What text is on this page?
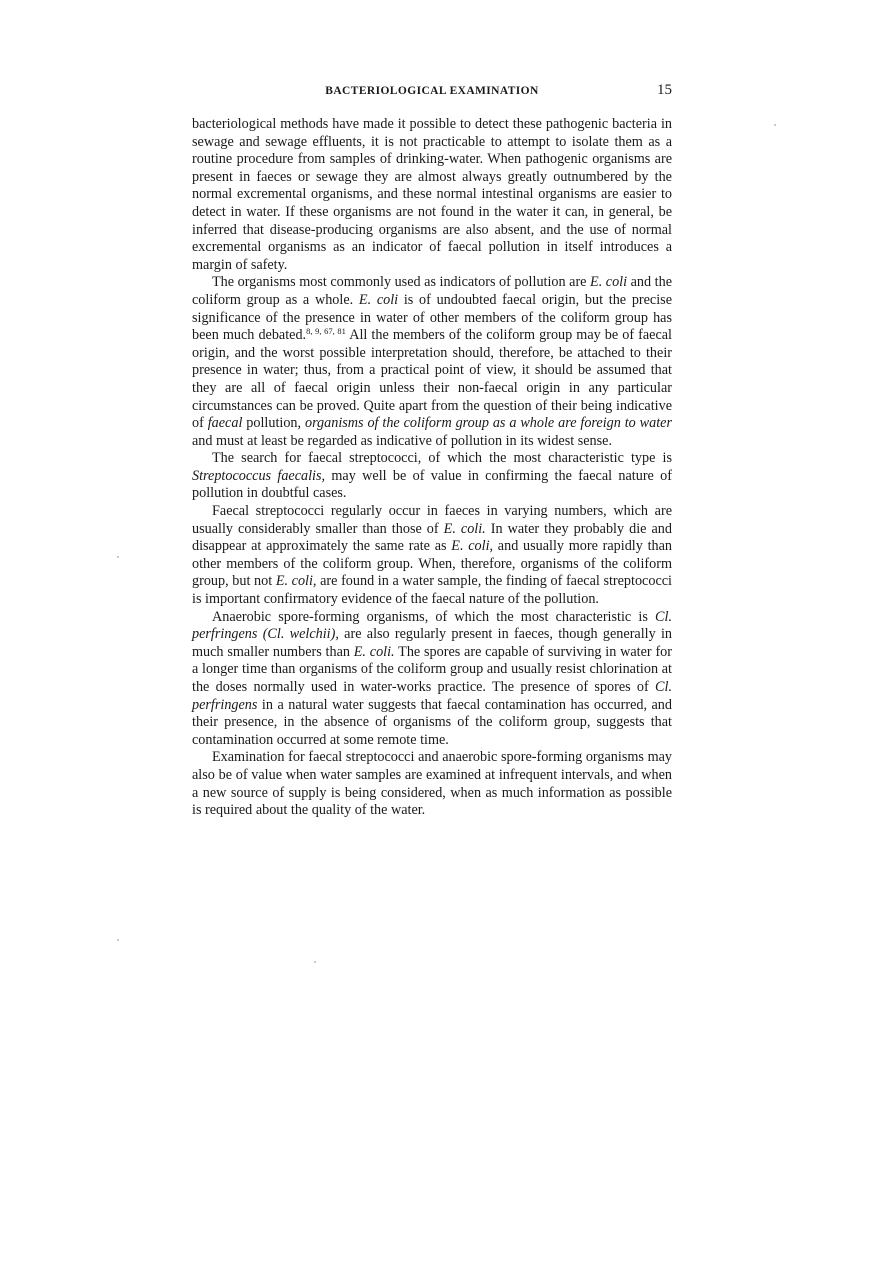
BACTERIOLOGICAL EXAMINATION	15

bacteriological methods have made it possible to detect these pathogenic bacteria in sewage and sewage effluents, it is not practicable to attempt to isolate them as a routine procedure from samples of drinking-water. When pathogenic organisms are present in faeces or sewage they are almost always greatly outnumbered by the normal excremental organisms, and these normal intestinal organisms are easier to detect in water. If these organisms are not found in the water it can, in general, be inferred that disease-producing organisms are also absent, and the use of normal excremental organisms as an indicator of faecal pollution in itself introduces a margin of safety.

The organisms most commonly used as indicators of pollution are E. coli and the coliform group as a whole. E. coli is of undoubted faecal origin, but the precise significance of the presence in water of other members of the coliform group has been much debated.$^{8, 9, 67, 81}$ All the members of the coliform group may be of faecal origin, and the worst possible interpretation should, therefore, be attached to their presence in water; thus, from a practical point of view, it should be assumed that they are all of faecal origin unless their non-faecal origin in any particular circumstances can be proved. Quite apart from the question of their being indicative of faecal pollution, organisms of the coliform group as a whole are foreign to water and must at least be regarded as indicative of pollution in its widest sense.

The search for faecal streptococci, of which the most characteristic type is Streptococcus faecalis, may well be of value in confirming the faecal nature of pollution in doubtful cases.

Faecal streptococci regularly occur in faeces in varying numbers, which are usually considerably smaller than those of E. coli. In water they probably die and disappear at approximately the same rate as E. coli, and usually more rapidly than other members of the coliform group. When, therefore, organisms of the coliform group, but not E. coli, are found in a water sample, the finding of faecal streptococci is important confirmatory evidence of the faecal nature of the pollution.

Anaerobic spore-forming organisms, of which the most characteristic is Cl. perfringens (Cl. welchii), are also regularly present in faeces, though generally in much smaller numbers than E. coli. The spores are capable of surviving in water for a longer time than organisms of the coliform group and usually resist chlorination at the doses normally used in water-works practice. The presence of spores of Cl. perfringens in a natural water suggests that faecal contamination has occurred, and their presence, in the absence of organisms of the coliform group, suggests that contamination occurred at some remote time.

Examination for faecal streptococci and anaerobic spore-forming organisms may also be of value when water samples are examined at infrequent intervals, and when a new source of supply is being considered, when as much information as possible is required about the quality of the water.
